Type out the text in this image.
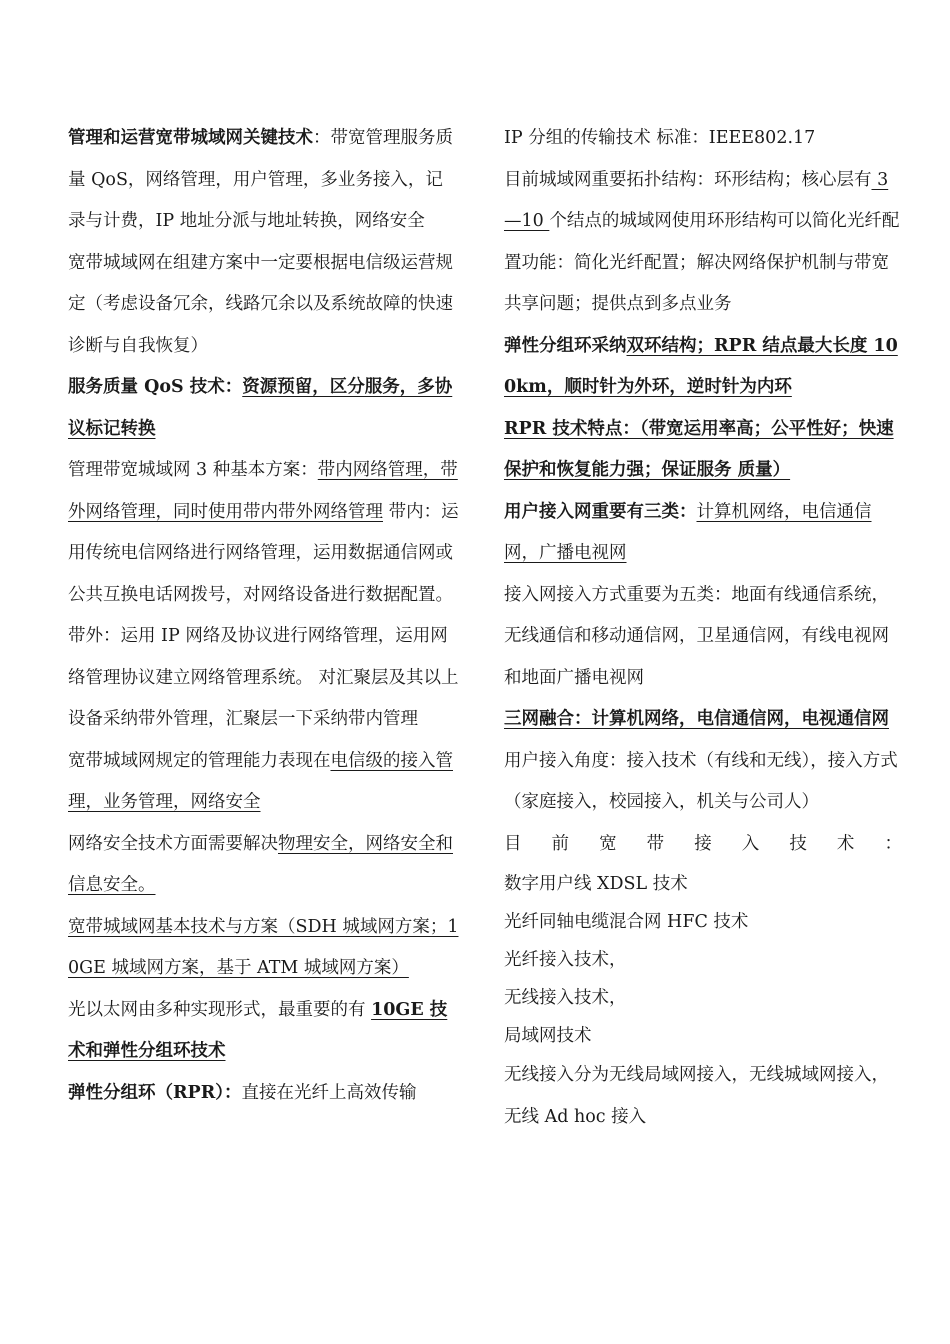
管理和运营宽带城域网关键技术：带宽管理服务质量 QoS，网络管理，用户管理，多业务接入，记录与计费，IP 地址分派与地址转换，网络安全

宽带城域网在组建方案中一定要根据电信级运营规定（考虑设备冗余，线路冗余以及系统故障的快速诊断与自我恢复）

服务质量 QoS 技术：资源预留，区分服务，多协议标记转换

管理带宽城域网 3 种基本方案：带内网络管理，带外网络管理，同时使用带内带外网络管理 带内：运用传统电信网络进行网络管理，运用数据通信网或公共互换电话网拨号，对网络设备进行数据配置。

带外：运用 IP 网络及协议进行网络管理，运用网络管理协议建立网络管理系统。 对汇聚层及其以上设备采纳带外管理，汇聚层一下采纳带内管理

宽带城域网规定的管理能力表现在电信级的接入管理，业务管理，网络安全

网络安全技术方面需要解决物理安全，网络安全和信息安全。

宽带城域网基本技术与方案（SDH 城域网方案；10GE 城域网方案，基于 ATM 城域网方案）

光以太网由多种实现形式，最重要的有 10GE 技术和弹性分组环技术

弹性分组环（RPR）：直接在光纤上高效传输

IP 分组的传输技术 标准：IEEE802.17

目前城域网重要拓扑结构：环形结构；核心层有 3—10 个结点的城域网使用环形结构可以简化光纤配置功能：简化光纤配置；解决网络保护机制与带宽共享问题；提供点到多点业务

弹性分组环采纳双环结构；RPR 结点最大长度 100km，顺时针为外环，逆时针为内环

RPR 技术特点：（带宽运用率高；公平性好；快速保护和恢复能力强；保证服务 质量）

用户接入网重要有三类：计算机网络，电信通信网，广播电视网

接入网接入方式重要为五类：地面有线通信系统，无线通信和移动通信网，卫星通信网，有线电视网和地面广播电视网

三网融合：计算机网络，电信通信网，电视通信网

用户接入角度：接入技术（有线和无线），接入方式（家庭接入，校园接入，机关与公司人）

目前宽带接入技术：

数字用户线 XDSL 技术

光纤同轴电缆混合网 HFC 技术

光纤接入技术，

无线接入技术，

局域网技术

无线接入分为无线局域网接入，无线城域网接入，无线 Ad hoc 接入
